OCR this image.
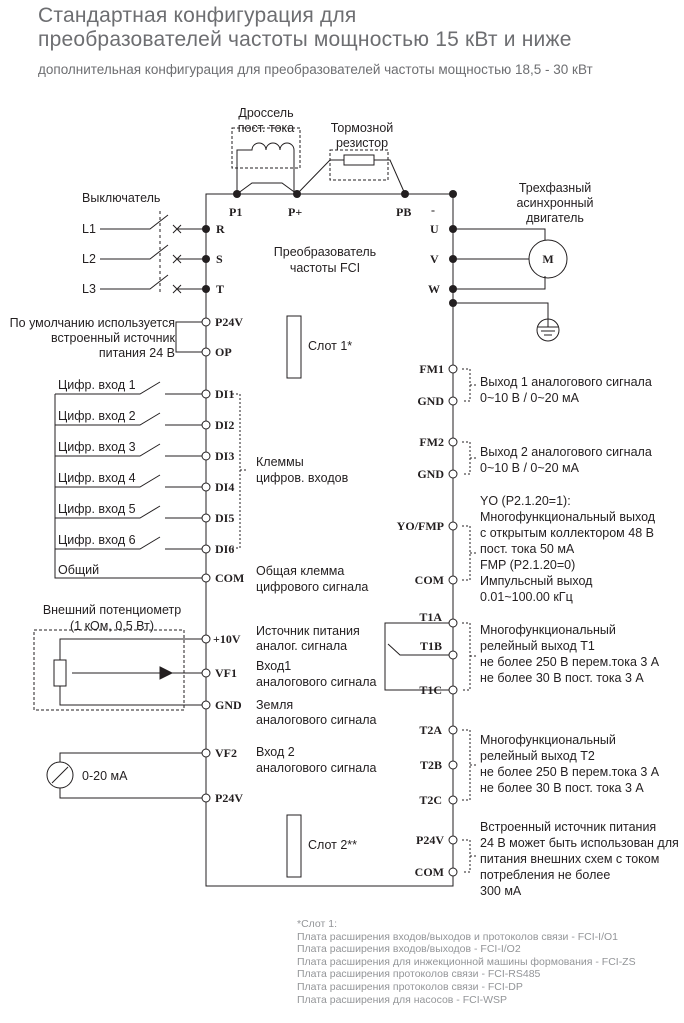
Стандартная конфигурация для
преобразователей частоты мощностью 15 кВт и ниже
дополнительная конфигурация для преобразователей частоты мощностью 18,5 - 30 кВт
Дроссель
пост. тока	Тормозной
резистор
Выключатель
Трехфазный
асинхронный
двигатель
M
P1	P+	PB -
R
S
T
U
V
W
P24V
OP
DI1
DI2
DI3
DI4
DI5
DI6
COM
+10V
VF1
GND
VF2
P24V
FM1
GND
FM2
GND
YO/FMP
COM
T1A
T1B
T1C
T2A
T2B
T2C
P24V
COM
L1
L2
L3
Преобразователь
частоты FCI
Слот 1*
Слот 2**
Клеммы
цифров. входов
Общая клемма
цифрового сигнала
Источник питания
аналог. сигнала
Вход1
аналогового сигнала
Земля
аналогового сигнала
Вход 2
аналогового сигнала
По умолчанию используется
встроенный источник
питания 24 В
Цифр. вход 1
Цифр. вход 2
Цифр. вход 3
Цифр. вход 4
Цифр. вход 5
Цифр. вход 6
Общий
Внешний потенциометр
(1 кОм, 0,5 Вт)
0-20 мА
Выход 1 аналогового сигнала
0~10 В / 0~20 мА
Выход 2 аналогового сигнала
0~10 В / 0~20 мА
YO (P2.1.20=1):
Многофункциональный выход
с открытым коллектором 48 В
пост. тока 50 мА
FMP (P2.1.20=0)
Импульсный выход
0.01~100.00 кГц
Многофункциональный
релейный выход T1
не более 250 В перем.тока 3 А
не более 30 В пост. тока 3 А
Многофункциональный
релейный выход T2
не более 250 В перем.тока 3 А
не более 30 В пост. тока 3 А
Встроенный источник питания
24 В может быть использован для
питания внешних схем с током
потребления не более
300 мА
*Слот 1:
Плата расширения входов/выходов и протоколов связи - FCI-I/O1
Плата расширения входов/выходов - FCI-I/O2
Плата расширения для инжекционной машины формования - FCI-ZS
Плата расширения протоколов связи - FCI-RS485
Плата расширения протоколов связи - FCI-DP
Плата расширения для насосов - FCI-WSP
